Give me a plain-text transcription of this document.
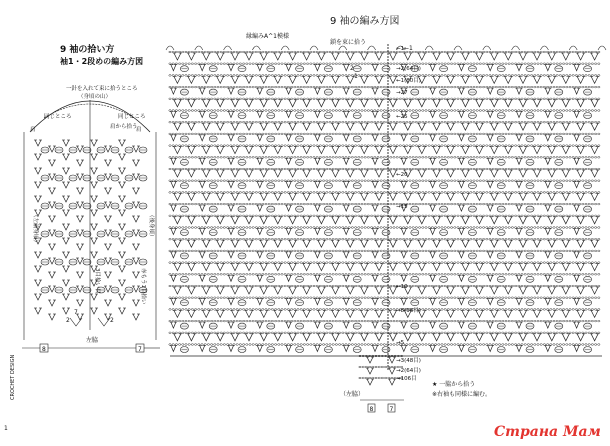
9 袖の編み方図
9 袖の拾い方
袖1・2段めの編み方図
縁編みA^1模様
鎖を束に拾う
←1
←1
→2(64目)
←1(80目)
→27
←25
←20
→15
←10
→8(96目)
→5
→3(48目)
→2(64目)
→106目
2
1
一針を入れて束に拾うところ
（身頃の山）
同じところ	同じところ
肩から拾う
肩	肩
（左前身頃）	（後身頃）
3目拾い目	赤もう1目拾い
7
2	2
左脇
8	7
（左脇）
8	7
★ 一脇から拾う
※右袖も同様に編む。
CROCHET DESIGN
1	Страна Мам
